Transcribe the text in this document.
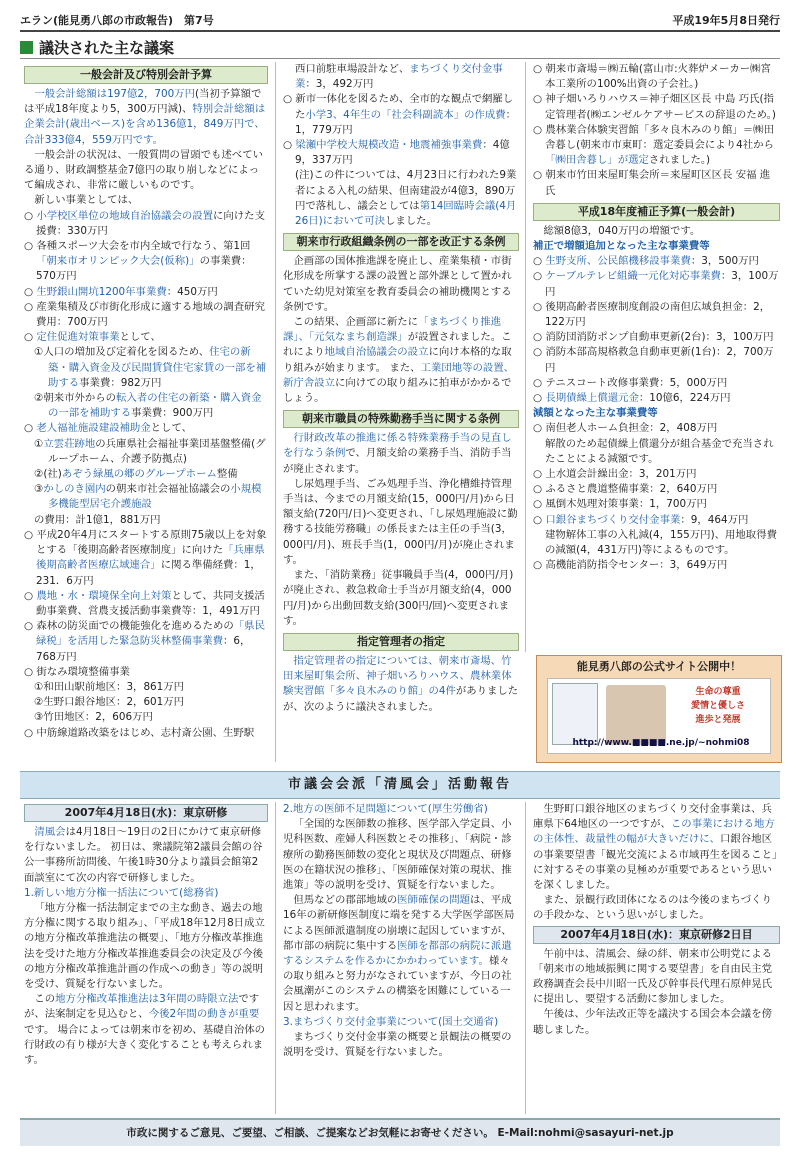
エラン(能見勇八郎の市政報告)　第7号	平成19年5月8日発行
議決された主な議案
一般会計及び特別会計予算

一般会計総額は197億2，700万円(当初予算額では平成18年度より5，300万円減)、特別会計総額は企業会計(歳出ベース)を含め136億1，849万円で、合計333億4，559万円です。

一般会計の状況は、一般質問の冒頭でも述べている通り、財政調整基金7億円の取り崩しなどによって編成され、非常に厳しいものです。

新しい事業としては、

○ 小学校区単位の地域自治協議会の設置に向けた支援費：330万円

○ 各種スポーツ大会を市内全域で行なう、第1回「朝来市オリンピック大会(仮称)」の事業費：570万円

○ 生野銀山開坑1200年事業費：450万円

○ 産業集積及び市街化形成に適する地域の調査研究費用：700万円

○ 定住促進対策事業として、

①人口の増加及び定着化を図るため、住宅の新築・購入資金及び民間賃貸住宅家賃の一部を補助する事業費：982万円

②朝来市外からの転入者の住宅の新築・購入資金の一部を補助する事業費：900万円

○ 老人福祉施設建設補助金として、

①立雲荘跡地の兵庫県社会福祉事業団基盤整備(グループホーム、介護予防拠点)

②(社)あぞう緑風の郷のグループホーム整備

③かしのき園内の朝来市社会福祉協議会の小規模多機能型居宅介護施設

の費用：計1億1，881万円

○ 平成20年4月にスタートする原則75歳以上を対象とする「後期高齢者医療制度」に向けた「兵庫県後期高齢者医療広域連合」に関る準備経費：1，231．6万円

○ 農地・水・環境保全向上対策として、共同支援活動事業費、営農支援活動事業費等：1，491万円

○ 森林の防災面での機能強化を進めるための「県民緑税」を活用した緊急防災林整備事業費：6，768万円

○ 街なみ環境整備事業

①和田山駅前地区：3，861万円

②生野口銀谷地区：2，601万円

③竹田地区：2，606万円

○ 中筋線道路改築をはじめ、志村斎公園、生野駅

西口前駐車場設計など、まちづくり交付金事業：3，492万円

○ 新市一体化を図るため、全市的な観点で網羅した小学3、4年生の「社会科副読本」の作成費：1，779万円

○ 梁瀬中学校大規模改造・地震補強事業費：4億9，337万円

(注)この件については、4月23日に行われた9業者による入札の結果、但南建設が4億3，890万円で落札し、議会としては第14回臨時会議(4月26日)において可決しました。

朝来市行政組織条例の一部を改正する条例

企画部の国体推進課を廃止し、産業集積・市街化形成を所掌する課の設置と部外課として置かれていた幼児対策室を教育委員会の補助機関とする条例です。

この結果、企画部に新たに「まちづくり推進課」、「元気なまち創造課」が設置されました。これにより地域自治協議会の設立に向け本格的な取り組みが始まります。 また、工業団地等の設置、新庁舎設立に向けての取り組みに拍車がかかるでしょう。

朝来市職員の特殊勤務手当に関する条例

行財政改革の推進に係る特殊業務手当の見直しを行なう条例で、月額支給の業務手当、消防手当が廃止されます。

し尿処理手当、ごみ処理手当、浄化槽維持管理手当は、今までの月額支給(15，000円/月)から日額支給(720円/日)へ変更され、「し尿処理施設に勤務する技能労務職」の係長または主任の手当(3，000円/月)、班長手当(1，000円/月)が廃止されます。

また、「消防業務」従事職員手当(4，000円/月)が廃止され、救急救命士手当が月額支給(4，000円/月)から出動回数支給(300円/回)へ変更されます。

指定管理者の指定

指定管理者の指定については、朝来市斎場、竹田来屋町集会所、神子畑いろりハウス、農林業体験実習館「多々良木みのり館」の4件がありましたが、次のように議決されました。

○ 朝来市斎場＝㈱五輪(富山市:火葬炉メーカー㈱宮本工業所の100%出資の子会社。)

○ 神子畑いろりハウス＝神子畑区区長 中島 巧氏(指定管理者(㈱エンゼルケアサービスの辞退のため。)

○ 農林業合体験実習館「多々良木みのり館」＝㈱田舎暮し(朝来市市東町：選定委員会により4社から「㈱田舎暮し」が選定されました。)

○ 朝来市竹田来屋町集会所＝来屋町区区長 安福 進氏

平成18年度補正予算(一般会計)

総額8億3，040万円の増額です。

補正で増額追加となった主な事業費等

○ 生野支所、公民館機移設事業費：3，500万円

○ ケーブルテレビ組織一元化対応事業費：3，100万円

○ 後期高齢者医療制度創設の南但広域負担金：2，122万円

○ 消防団消防ポンプ自動車更新(2台)：3，100万円

○ 消防本部高規格救急自動車更新(1台)：2，700万円

○ テニスコート改修事業費：5，000万円

○ 長期債繰上償還元金：10億6，224万円

減額となった主な事業費等

○ 南但老人ホーム負担金：2，408万円

解散のため起債繰上償還分が組合基金で充当されたことによる減額です。

○ 上水道会計繰出金：3，201万円

○ ふるさと農道整備事業：2，640万円

○ 風倒木処理対策事業：1，700万円

○ 口銀谷まちづくり交付金事業：9，464万円

建物解体工事の入札減(4，155万円)、用地取得費の減額(4，431万円)等によるものです。

○ 高機能消防指令センター：3，649万円

能見勇八郎の公式サイト公開中！
生命の尊重
愛情と優しさ
進歩と発展
http://www.■■■■.ne.jp/~nohmi08
市議会会派「清風会」活動報告
2007年4月18日(水)：東京研修

清風会は4月18日～19日の2日にかけて東京研修を行ないました。 初日は、衆議院第2議員会館の谷 公一事務所訪問後、午後1時30分より議員会館第2面談室にて次の内容で研修しました。

1.新しい地方分権一括法について(総務省)

「地方分権一括法制定までの主な動き、過去の地方分権に関する取り組み」、「平成18年12月8日成立の地方分権改革推進法の概要」、「地方分権改革推進法を受けた地方分権改革推進委員会の決定及び今後の地方分権改革推進計画の作成への動き」等の説明を受け、質疑を行ないました。

この地方分権改革推進法は3年間の時限立法ですが、法案制定を見込むと、今後2年間の動きが重要です。 場合によっては朝来市を初め、基礎自治体の行財政の有り様が大きく変化することも考えられます。

2.地方の医師不足問題について(厚生労働省)

「全国的な医師数の推移、医学部入学定員、小児科医数、産婦人科医数とその推移」、「病院・診療所の勤務医師数の変化と現状及び問題点、研修医の在籍状況の推移」、「医師確保対策の現状、推進策」等の説明を受け、質疑を行ないました。

但馬などの郡部地域の医師確保の問題は、平成16年の新研修医制度に端を発する大学医学部医局による医師派遣制度の崩壊に起因していますが、都市部の病院に集中する医師を都部の病院に派遣するシステムを作るかにかかわっています。様々の取り組みと努力がなされていますが、今日の社会風潮がこのシステムの構築を困難にしている一因と思われます。

3.まちづくり交付金事業について(国土交通省)

まちづくり交付金事業の概要と景観法の概要の説明を受け、質疑を行ないました。

生野町口銀谷地区のまちづくり交付金事業は、兵庫県下64地区の一つですが、この事業における地方の主体性、裁量性の幅が大きいだけに、口銀谷地区の事業要望書「観光交流による市域再生を図ること」に対するその事業の見極めが重要であるという思いを深くしました。

また、景観行政団体になるのは今後のまちづくりの手段かな、という思いがしました。

2007年4月18日(水)：東京研修2日目

午前中は、清風会、緑の絆、朝来市公明党による「朝来市の地域振興に関する要望書」を自由民主党政務調査会長中川昭一氏及び幹事長代理石原伸晃氏に提出し、要望する活動に参加しました。

午後は、少年法改正等を議決する国会本会議を傍聴しました。

市政に関するご意見、ご要望、ご相談、ご提案などお気軽にお寄せください。 E-Mail:nohmi@sasayuri-net.jp
